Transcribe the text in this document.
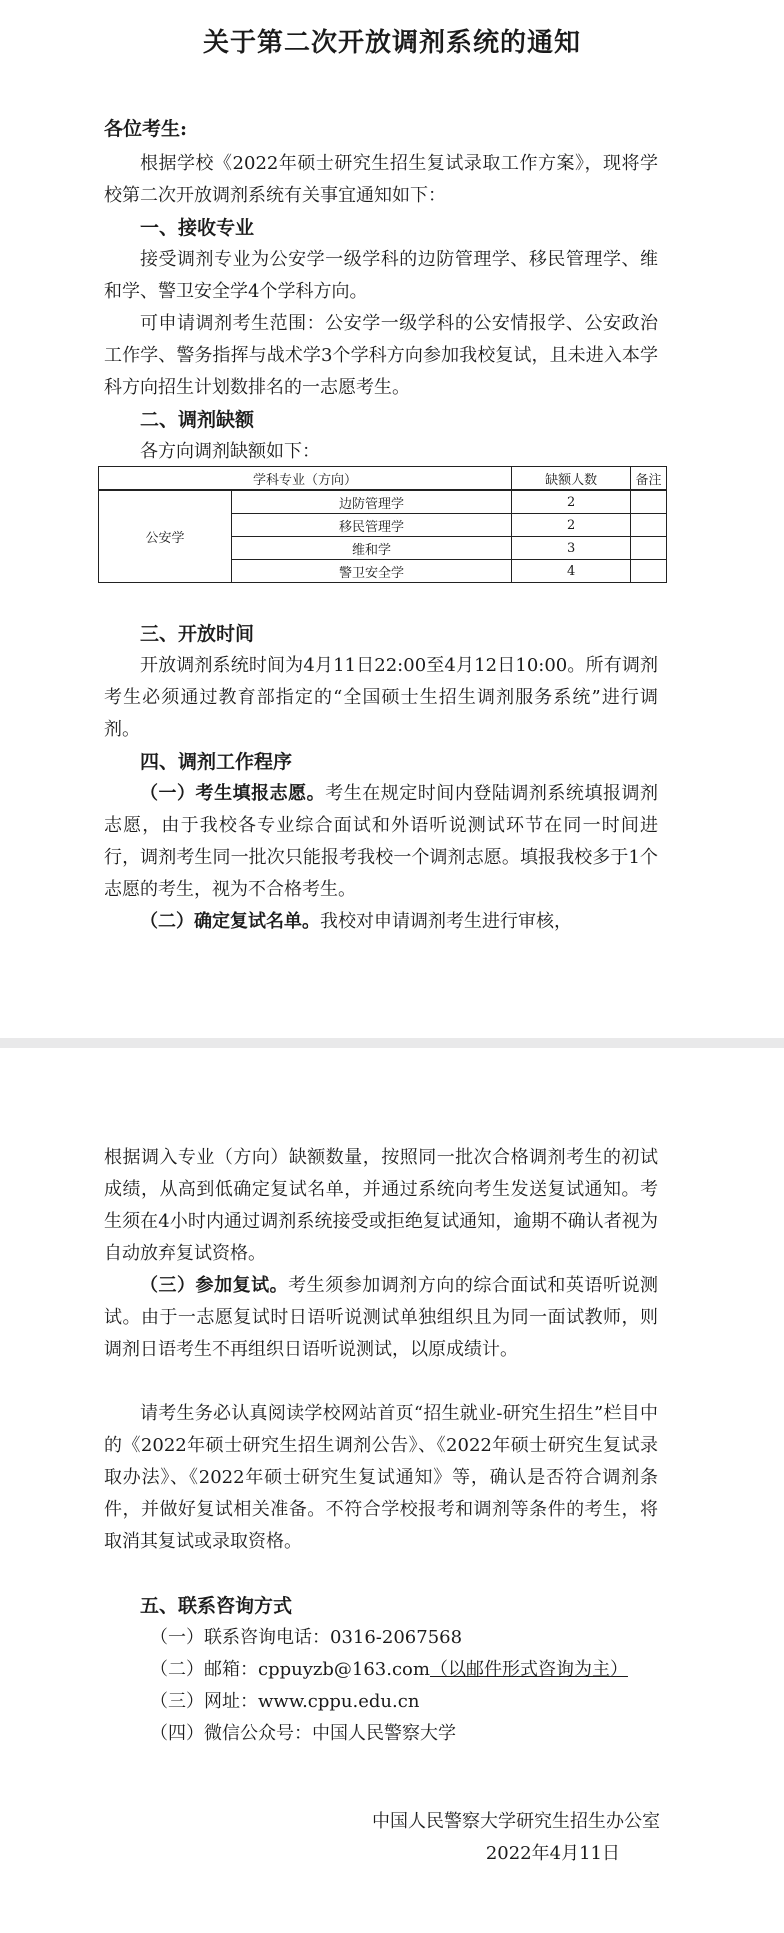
关于第二次开放调剂系统的通知
各位考生:

根据学校《2022年硕士研究生招生复试录取工作方案》，现将学校第二次开放调剂系统有关事宜通知如下：

一、接收专业

接受调剂专业为公安学一级学科的边防管理学、移民管理学、维和学、警卫安全学4个学科方向。

可申请调剂考生范围：公安学一级学科的公安情报学、公安政治工作学、警务指挥与战术学3个学科方向参加我校复试，且未进入本学科方向招生计划数排名的一志愿考生。

二、调剂缺额

各方向调剂缺额如下：

学科专业（方向）		缺额人数	备注
公安学	边防管理学	2	
	移民管理学	2	
	维和学	3	
	警卫安全学	4	
三、开放时间

开放调剂系统时间为4月11日22:00至4月12日10:00。所有调剂考生必须通过教育部指定的“全国硕士生招生调剂服务系统”进行调剂。

四、调剂工作程序

（一）考生填报志愿。考生在规定时间内登陆调剂系统填报调剂志愿，由于我校各专业综合面试和外语听说测试环节在同一时间进行，调剂考生同一批次只能报考我校一个调剂志愿。填报我校多于1个志愿的考生，视为不合格考生。

（二）确定复试名单。我校对申请调剂考生进行审核，

根据调入专业（方向）缺额数量，按照同一批次合格调剂考生的初试成绩，从高到低确定复试名单，并通过系统向考生发送复试通知。考生须在4小时内通过调剂系统接受或拒绝复试通知，逾期不确认者视为自动放弃复试资格。

（三）参加复试。考生须参加调剂方向的综合面试和英语听说测试。由于一志愿复试时日语听说测试单独组织且为同一面试教师，则调剂日语考生不再组织日语听说测试，以原成绩计。

请考生务必认真阅读学校网站首页“招生就业-研究生招生”栏目中的《2022年硕士研究生招生调剂公告》、《2022年硕士研究生复试录取办法》、《2022年硕士研究生复试通知》等，确认是否符合调剂条件，并做好复试相关准备。不符合学校报考和调剂等条件的考生，将取消其复试或录取资格。

五、联系咨询方式
（一）联系咨询电话：0316-2067568
（二）邮箱：cppuyzb@163.com（以邮件形式咨询为主）
（三）网址：www.cppu.edu.cn
（四）微信公众号：中国人民警察大学
中国人民警察大学研究生招生办公室
2022年4月11日
